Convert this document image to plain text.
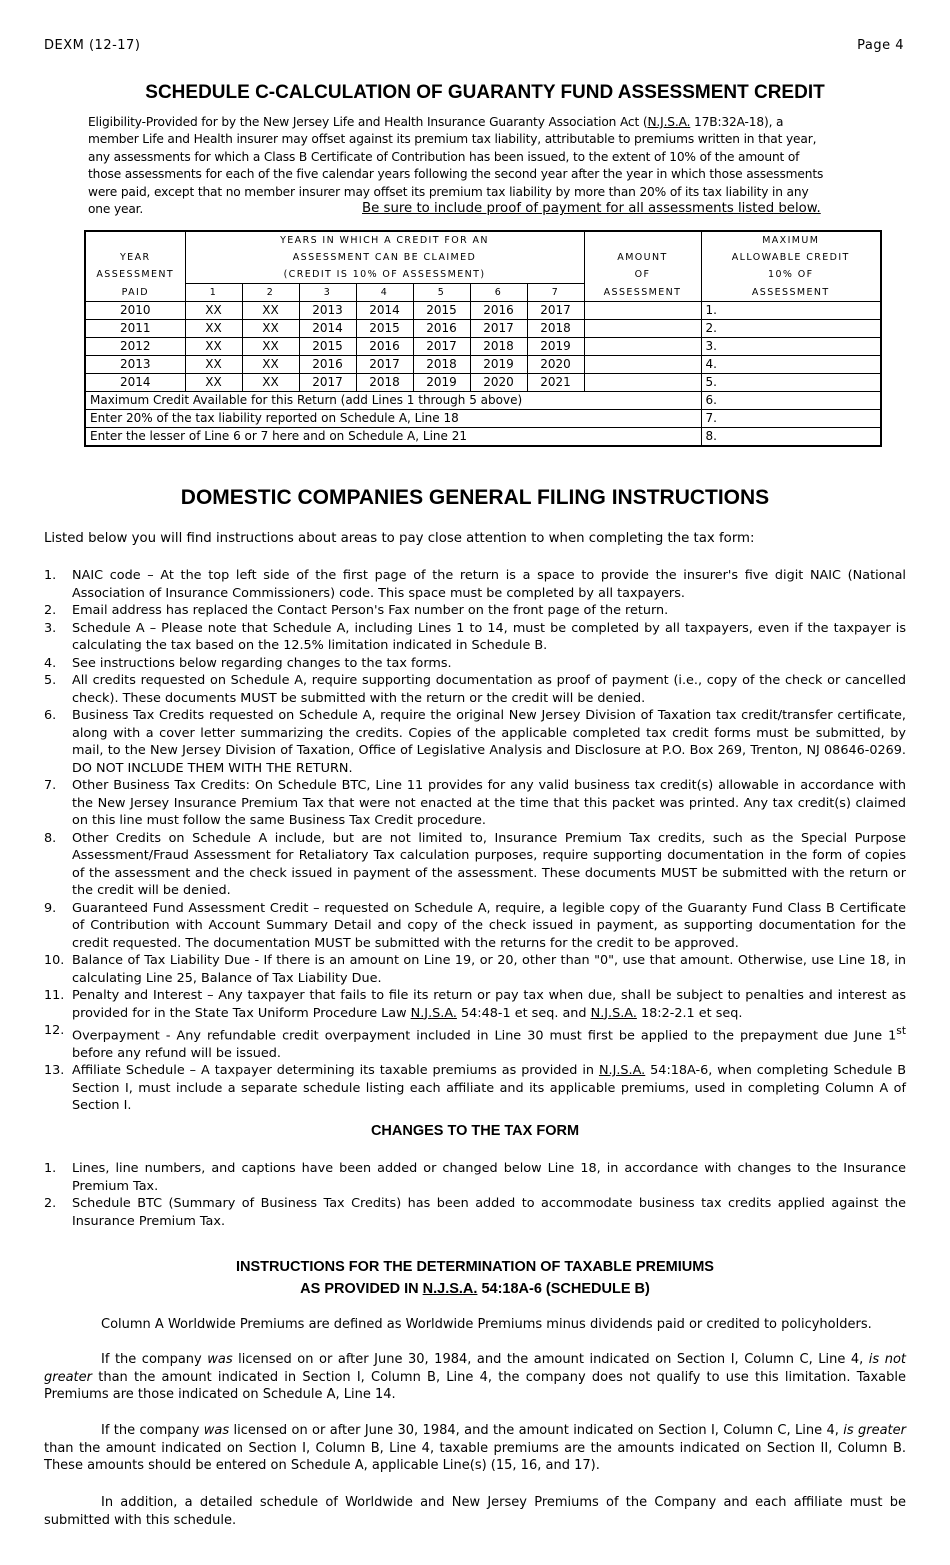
DEXM (12-17)	Page 4
SCHEDULE C-CALCULATION OF GUARANTY FUND ASSESSMENT CREDIT
Eligibility-Provided for by the New Jersey Life and Health Insurance Guaranty Association Act (N.J.S.A. 17B:32A-18), a member Life and Health insurer may offset against its premium tax liability, attributable to premiums written in that year, any assessments for which a Class B Certificate of Contribution has been issued, to the extent of 10% of the amount of those assessments for each of the five calendar years following the second year after the year in which those assessments were paid, except that no member insurer may offset its premium tax liability by more than 20% of its tax liability in any one year.	Be sure to include proof of payment for all assessments listed below.
	YEARS IN WHICH A CREDIT FOR AN								MAXIMUM
YEAR	ASSESSMENT CAN BE CLAIMED							AMOUNT	ALLOWABLE CREDIT
ASSESSMENT	(CREDIT IS 10% OF ASSESSMENT)							OF	10% OF
PAID	1	2	3	4	5	6	7	ASSESSMENT	ASSESSMENT
2010	XX	XX	2013	2014	2015	2016	2017		1.
2011	XX	XX	2014	2015	2016	2017	2018		2.
2012	XX	XX	2015	2016	2017	2018	2019		3.
2013	XX	XX	2016	2017	2018	2019	2020		4.
2014	XX	XX	2017	2018	2019	2020	2021		5.
Maximum Credit Available for this Return (add Lines 1 through 5 above)									6.
Enter 20% of the tax liability reported on Schedule A, Line 18									7.
Enter the lesser of Line 6 or 7 here and on Schedule A, Line 21									8.
DOMESTIC COMPANIES GENERAL FILING INSTRUCTIONS
Listed below you will find instructions about areas to pay close attention to when completing the tax form:
1. NAIC code – At the top left side of the first page of the return is a space to provide the insurer's five digit NAIC (National Association of Insurance Commissioners) code. This space must be completed by all taxpayers.
2. Email address has replaced the Contact Person's Fax number on the front page of the return.
3. Schedule A – Please note that Schedule A, including Lines 1 to 14, must be completed by all taxpayers, even if the taxpayer is calculating the tax based on the 12.5% limitation indicated in Schedule B.
4. See instructions below regarding changes to the tax forms.
5. All credits requested on Schedule A, require supporting documentation as proof of payment (i.e., copy of the check or cancelled check). These documents MUST be submitted with the return or the credit will be denied.
6. Business Tax Credits requested on Schedule A, require the original New Jersey Division of Taxation tax credit/transfer certificate, along with a cover letter summarizing the credits. Copies of the applicable completed tax credit forms must be submitted, by mail, to the New Jersey Division of Taxation, Office of Legislative Analysis and Disclosure at P.O. Box 269, Trenton, NJ 08646-0269. DO NOT INCLUDE THEM WITH THE RETURN.
7. Other Business Tax Credits: On Schedule BTC, Line 11 provides for any valid business tax credit(s) allowable in accordance with the New Jersey Insurance Premium Tax that were not enacted at the time that this packet was printed. Any tax credit(s) claimed on this line must follow the same Business Tax Credit procedure.
8. Other Credits on Schedule A include, but are not limited to, Insurance Premium Tax credits, such as the Special Purpose Assessment/Fraud Assessment for Retaliatory Tax calculation purposes, require supporting documentation in the form of copies of the assessment and the check issued in payment of the assessment. These documents MUST be submitted with the return or the credit will be denied.
9. Guaranteed Fund Assessment Credit – requested on Schedule A, require, a legible copy of the Guaranty Fund Class B Certificate of Contribution with Account Summary Detail and copy of the check issued in payment, as supporting documentation for the credit requested. The documentation MUST be submitted with the returns for the credit to be approved.
10. Balance of Tax Liability Due - If there is an amount on Line 19, or 20, other than "0", use that amount. Otherwise, use Line 18, in calculating Line 25, Balance of Tax Liability Due.
11. Penalty and Interest – Any taxpayer that fails to file its return or pay tax when due, shall be subject to penalties and interest as provided for in the State Tax Uniform Procedure Law N.J.S.A. 54:48-1 et seq. and N.J.S.A. 18:2-2.1 et seq.
12. Overpayment - Any refundable credit overpayment included in Line 30 must first be applied to the prepayment due June 1st before any refund will be issued.
13. Affiliate Schedule – A taxpayer determining its taxable premiums as provided in N.J.S.A. 54:18A-6, when completing Schedule B Section I, must include a separate schedule listing each affiliate and its applicable premiums, used in completing Column A of Section I.
CHANGES TO THE TAX FORM
1. Lines, line numbers, and captions have been added or changed below Line 18, in accordance with changes to the Insurance Premium Tax.
2. Schedule BTC (Summary of Business Tax Credits) has been added to accommodate business tax credits applied against the Insurance Premium Tax.
INSTRUCTIONS FOR THE DETERMINATION OF TAXABLE PREMIUMS
AS PROVIDED IN N.J.S.A. 54:18A-6 (SCHEDULE B)
Column A Worldwide Premiums are defined as Worldwide Premiums minus dividends paid or credited to policyholders.
If the company was licensed on or after June 30, 1984, and the amount indicated on Section I, Column C, Line 4, is not greater than the amount indicated in Section I, Column B, Line 4, the company does not qualify to use this limitation. Taxable Premiums are those indicated on Schedule A, Line 14.
If the company was licensed on or after June 30, 1984, and the amount indicated on Section I, Column C, Line 4, is greater than the amount indicated on Section I, Column B, Line 4, taxable premiums are the amounts indicated on Section II, Column B. These amounts should be entered on Schedule A, applicable Line(s) (15, 16, and 17).
In addition, a detailed schedule of Worldwide and New Jersey Premiums of the Company and each affiliate must be submitted with this schedule.
